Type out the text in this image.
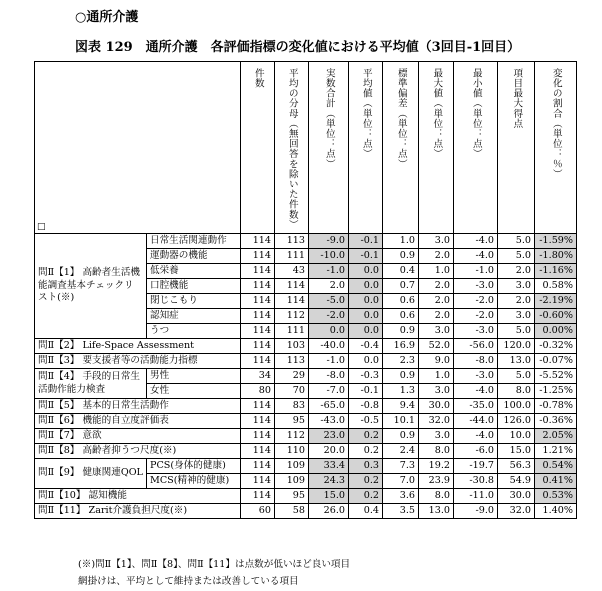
○通所介護
図表 129　通所介護　各評価指標の変化値における平均値（3回目-1回目）
□		件数	平均の分母（無回答を除いた件数）	実数合計（単位：点）	平均値（単位：点）	標準偏差（単位：点）	最大値（単位：点）	最小値（単位：点）	項目最大得点	変化の割合（単位：％）
問Ⅱ【1】 高齢者生活機能調査基本チェックリスト(※)	日常生活関連動作	114	113	-9.0	-0.1	1.0	3.0	-4.0	5.0	-1.59%
	運動器の機能	114	111	-10.0	-0.1	0.9	2.0	-4.0	5.0	-1.80%
	低栄養	114	43	-1.0	0.0	0.4	1.0	-1.0	2.0	-1.16%
	口腔機能	114	114	2.0	0.0	0.7	2.0	-3.0	3.0	0.58%
	閉じこもり	114	114	-5.0	0.0	0.6	2.0	-2.0	2.0	-2.19%
	認知症	114	112	-2.0	0.0	0.6	2.0	-2.0	3.0	-0.60%
	うつ	114	111	0.0	0.0	0.9	3.0	-3.0	5.0	0.00%
問Ⅱ【2】 Life-Space Assessment		114	103	-40.0	-0.4	16.9	52.0	-56.0	120.0	-0.32%
問Ⅱ【3】 要支援者等の活動能力指標		114	113	-1.0	0.0	2.3	9.0	-8.0	13.0	-0.07%
問Ⅱ【4】 手段的日常生活動作能力検査	男性	34	29	-8.0	-0.3	0.9	1.0	-3.0	5.0	-5.52%
	女性	80	70	-7.0	-0.1	1.3	3.0	-4.0	8.0	-1.25%
問Ⅱ【5】 基本的日常生活動作		114	83	-65.0	-0.8	9.4	30.0	-35.0	100.0	-0.78%
問Ⅱ【6】 機能的自立度評価表		114	95	-43.0	-0.5	10.1	32.0	-44.0	126.0	-0.36%
問Ⅱ【7】 意欲		114	112	23.0	0.2	0.9	3.0	-4.0	10.0	2.05%
問Ⅱ【8】 高齢者抑うつ尺度(※)		114	110	20.0	0.2	2.4	8.0	-6.0	15.0	1.21%
問Ⅱ【9】 健康関連QOL	PCS(身体的健康)	114	109	33.4	0.3	7.3	19.2	-19.7	56.3	0.54%
	MCS(精神的健康)	114	109	24.3	0.2	7.0	23.9	-30.8	54.9	0.41%
問Ⅱ【10】 認知機能		114	95	15.0	0.2	3.6	8.0	-11.0	30.0	0.53%
問Ⅱ【11】 Zarit介護負担尺度(※)		60	58	26.0	0.4	3.5	13.0	-9.0	32.0	1.40%
(※)問Ⅱ【1】、問Ⅱ【8】、問Ⅱ【11】は点数が低いほど良い項目
網掛けは、平均として維持または改善している項目
